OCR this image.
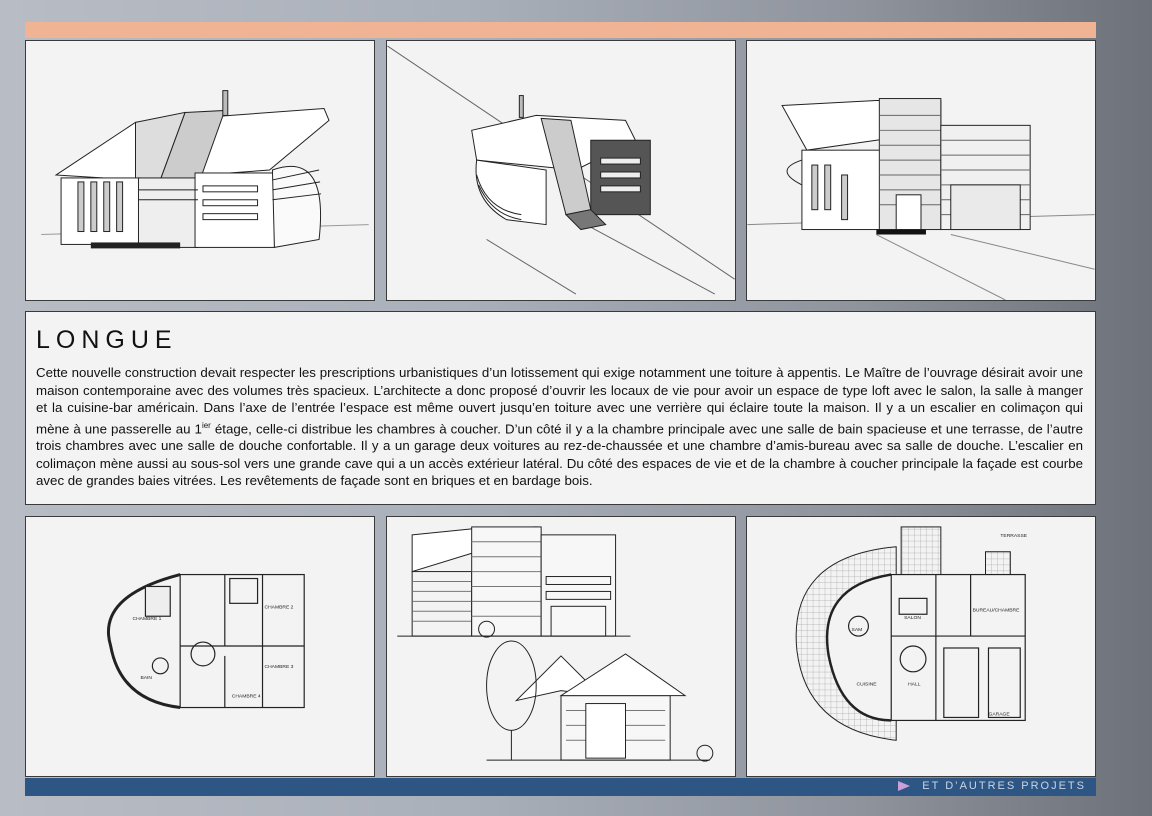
LONGUE
Cette nouvelle construction devait respecter les prescriptions urbanistiques d’un lotissement qui exige notamment une toiture à appentis. Le Maître de l’ouvrage désirait avoir une maison contemporaine avec des volumes très spacieux. L’architecte a donc proposé d’ouvrir les locaux de vie pour avoir un espace de type loft avec le salon, la salle à manger et la cuisine-bar américain. Dans l’axe de l’entrée l’espace est même ouvert jusqu’en toiture avec une verrière qui éclaire toute la maison. Il y a un escalier en colimaçon qui mène à une passerelle au $1^{ier}$ étage, celle-ci distribue les chambres à coucher. D’un côté il y a la chambre principale avec une salle de bain spacieuse et une terrasse, de l’autre trois chambres avec une salle de douche confortable. Il y a un garage deux voitures au rez-de-chaussée et une chambre d’amis-bureau avec sa salle de douche. L’escalier en colimaçon mène aussi au sous-sol vers une grande cave qui a un accès extérieur latéral. Du côté des espaces de vie et de la chambre à coucher principale la façade est courbe avec de grandes baies vitrées. Les revêtements de façade sont en briques et en bardage bois.
CHAMBRE 1
CHAMBRE 2
CHAMBRE 3
CHAMBRE 4
BAIN
TERRASSE
SAM
SALON
BUREAU/CHAMBRE
GARAGE
CUISINE	HALL
ET D’AUTRES PROJETS
